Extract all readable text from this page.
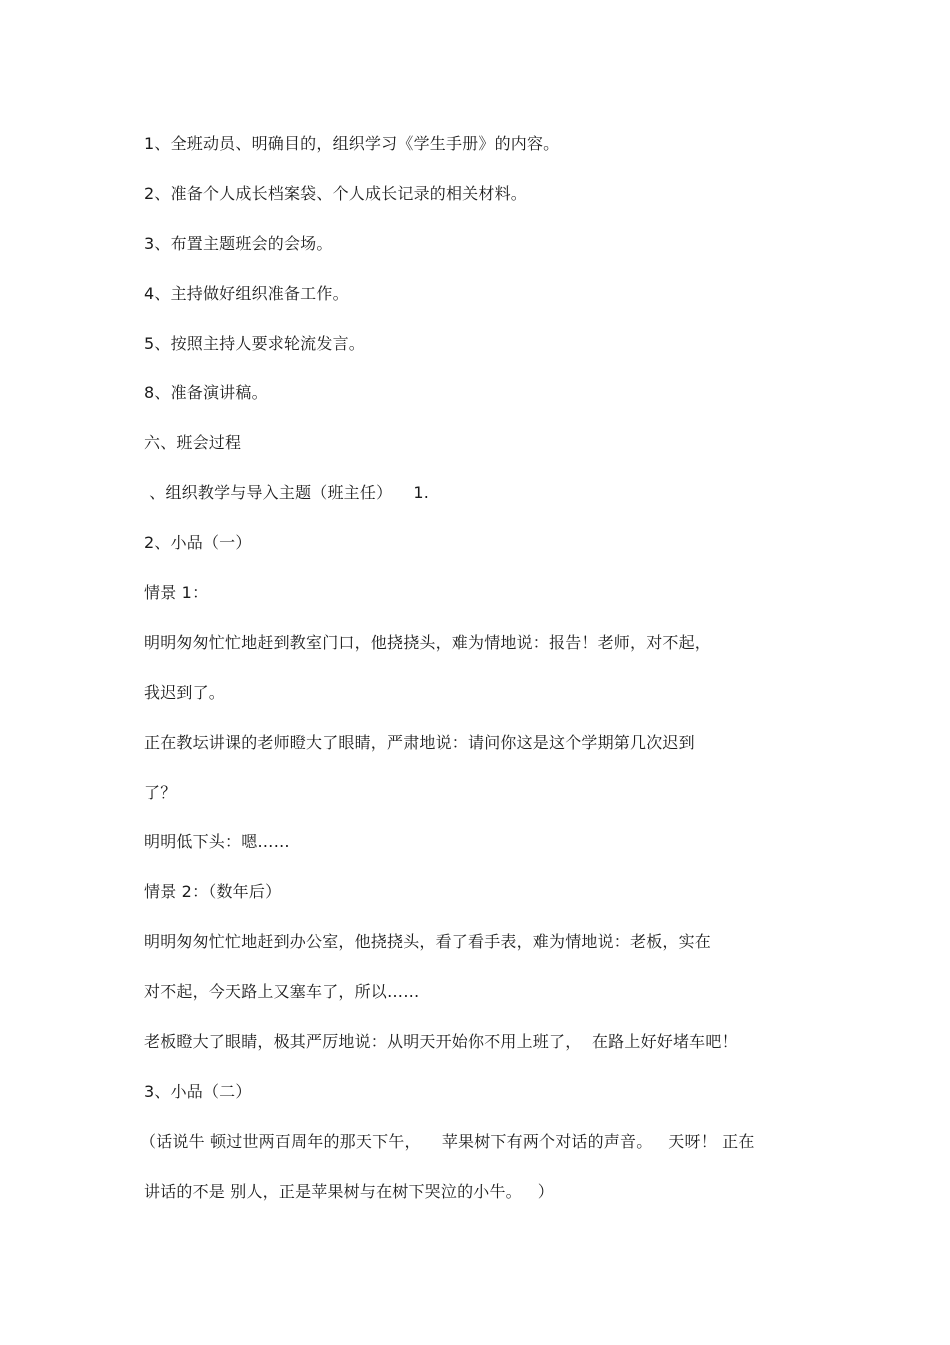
1、全班动员、明确目的，组织学习《学生手册》的内容。
2、准备个人成长档案袋、个人成长记录的相关材料。
3、布置主题班会的会场。
4、主持做好组织准备工作。
5、按照主持人要求轮流发言。
8、准备演讲稿。
六、班会过程
、组织教学与导入主题（班主任）    1.
2、小品（一）
情景 1：
明明匆匆忙忙地赶到教室门口，他挠挠头，难为情地说：报告！老师，对不起，
我迟到了。
正在教坛讲课的老师瞪大了眼睛，严肃地说：请问你这是这个学期第几次迟到
了？
明明低下头：嗯……
情景 2：（数年后）
明明匆匆忙忙地赶到办公室，他挠挠头，看了看手表，难为情地说：老板，实在
对不起，今天路上又塞车了，所以……
老板瞪大了眼睛，极其严厉地说：从明天开始你不用上班了，  在路上好好堵车吧！
3、小品（二）
（话说牛 顿过世两百周年的那天下午，    苹果树下有两个对话的声音。   天呀！ 正在
讲话的不是 别人，正是苹果树与在树下哭泣的小牛。   ）
